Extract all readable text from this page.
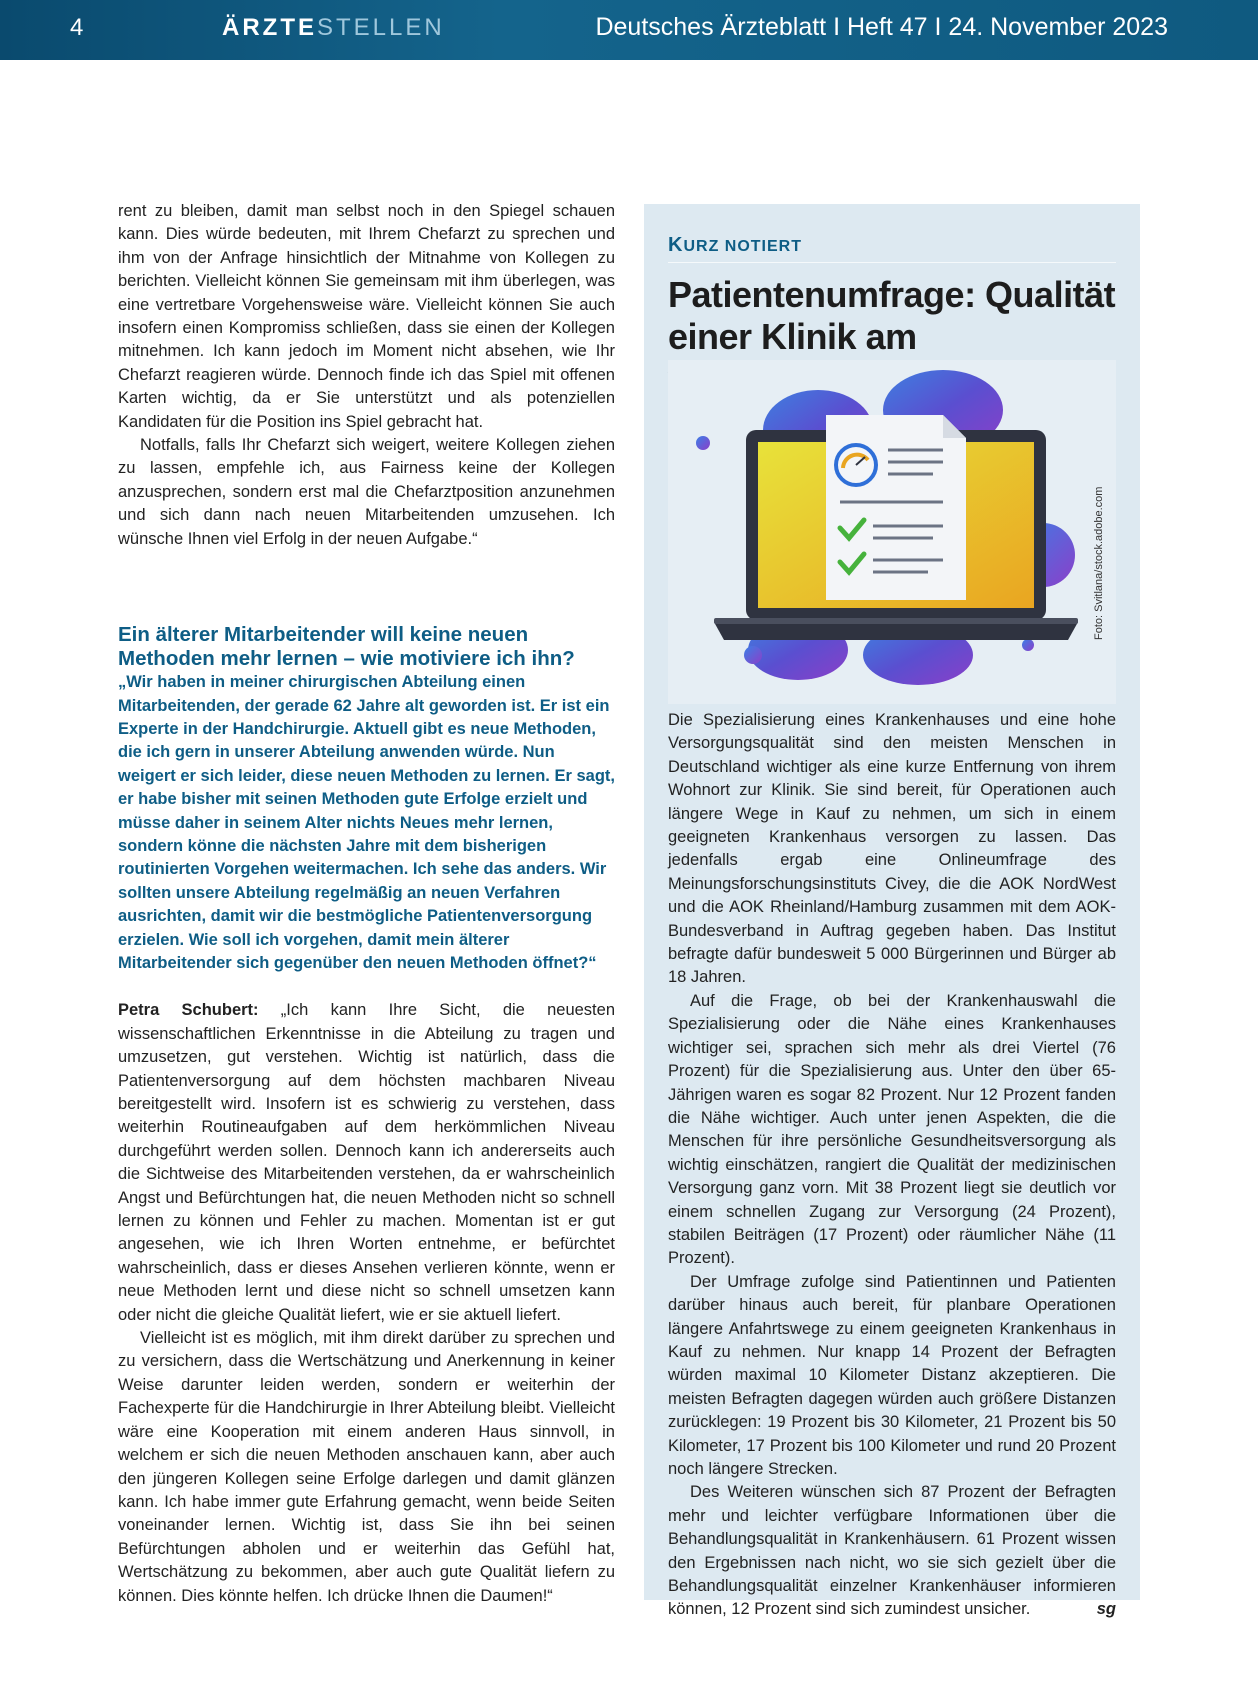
4	ÄRZTESTELLEN	Deutsches Ärzteblatt I Heft 47 I 24. November 2023

rent zu bleiben, damit man selbst noch in den Spiegel schauen kann. Dies würde bedeuten, mit Ihrem Chefarzt zu sprechen und ihm von der Anfrage hinsichtlich der Mitnahme von Kollegen zu berichten. Vielleicht können Sie gemeinsam mit ihm überlegen, was eine vertretbare Vorgehensweise wäre. Vielleicht können Sie auch insofern einen Kompromiss schließen, dass sie einen der Kollegen mitnehmen. Ich kann jedoch im Moment nicht absehen, wie Ihr Chefarzt reagieren würde. Dennoch finde ich das Spiel mit offenen Karten wichtig, da er Sie unterstützt und als potenziellen Kandidaten für die Position ins Spiel gebracht hat.

Notfalls, falls Ihr Chefarzt sich weigert, weitere Kollegen ziehen zu lassen, empfehle ich, aus Fairness keine der Kollegen anzusprechen, sondern erst mal die Chefarztposition anzunehmen und sich dann nach neuen Mitarbeitenden umzusehen. Ich wünsche Ihnen viel Erfolg in der neuen Aufgabe.“

Ein älterer Mitarbeitender will keine neuen Methoden mehr lernen – wie motiviere ich ihn?

„Wir haben in meiner chirurgischen Abteilung einen Mitarbeitenden, der gerade 62 Jahre alt geworden ist. Er ist ein Experte in der Handchirurgie. Aktuell gibt es neue Methoden, die ich gern in unserer Abteilung anwenden würde. Nun weigert er sich leider, diese neuen Methoden zu lernen. Er sagt, er habe bisher mit seinen Methoden gute Erfolge erzielt und müsse daher in seinem Alter nichts Neues mehr lernen, sondern könne die nächsten Jahre mit dem bisherigen routinierten Vorgehen weitermachen. Ich sehe das anders. Wir sollten unsere Abteilung regelmäßig an neuen Verfahren ausrichten, damit wir die bestmögliche Patientenversorgung erzielen. Wie soll ich vorgehen, damit mein älterer Mitarbeitender sich gegenüber den neuen Methoden öffnet?“

Petra Schubert: „Ich kann Ihre Sicht, die neuesten wissenschaftlichen Erkenntnisse in die Abteilung zu tragen und umzusetzen, gut verstehen. Wichtig ist natürlich, dass die Patientenversorgung auf dem höchsten machbaren Niveau bereitgestellt wird. Insofern ist es schwierig zu verstehen, dass weiterhin Routineaufgaben auf dem herkömmlichen Niveau durchgeführt werden sollen. Dennoch kann ich andererseits auch die Sichtweise des Mitarbeitenden verstehen, da er wahrscheinlich Angst und Befürchtungen hat, die neuen Methoden nicht so schnell lernen zu können und Fehler zu machen. Momentan ist er gut angesehen, wie ich Ihren Worten entnehme, er befürchtet wahrscheinlich, dass er dieses Ansehen verlieren könnte, wenn er neue Methoden lernt und diese nicht so schnell umsetzen kann oder nicht die gleiche Qualität liefert, wie er sie aktuell liefert.

Vielleicht ist es möglich, mit ihm direkt darüber zu sprechen und zu versichern, dass die Wertschätzung und Anerkennung in keiner Weise darunter leiden werden, sondern er weiterhin der Fachexperte für die Handchirurgie in Ihrer Abteilung bleibt. Vielleicht wäre eine Kooperation mit einem anderen Haus sinnvoll, in welchem er sich die neuen Methoden anschauen kann, aber auch den jüngeren Kollegen seine Erfolge darlegen und damit glänzen kann. Ich habe immer gute Erfahrung gemacht, wenn beide Seiten voneinander lernen. Wichtig ist, dass Sie ihn bei seinen Befürchtungen abholen und er weiterhin das Gefühl hat, Wertschätzung zu bekommen, aber auch gute Qualität liefern zu können. Dies könnte helfen. Ich drücke Ihnen die Daumen!“

KURZ NOTIERT
Patientenumfrage: Qualität einer Klinik am

Die Spezialisierung eines Krankenhauses und eine hohe Versorgungsqualität sind den meisten Menschen in Deutschland wichtiger als eine kurze Entfernung von ihrem Wohnort zur Klinik. Sie sind bereit, für Operationen auch längere Wege in Kauf zu nehmen, um sich in einem geeigneten Krankenhaus versorgen zu lassen. Das jedenfalls ergab eine Onlineumfrage des Meinungsforschungsinstituts Civey, die die AOK NordWest und die AOK Rheinland/Hamburg zusammen mit dem AOK-Bundesverband in Auftrag gegeben haben. Das Institut befragte dafür bundesweit 5 000 Bürgerinnen und Bürger ab 18 Jahren.

Auf die Frage, ob bei der Krankenhauswahl die Spezialisierung oder die Nähe eines Krankenhauses wichtiger sei, sprachen sich mehr als drei Viertel (76 Prozent) für die Spezialisierung aus. Unter den über 65-Jährigen waren es sogar 82 Prozent. Nur 12 Prozent fanden die Nähe wichtiger. Auch unter jenen Aspekten, die die Menschen für ihre persönliche Gesundheitsversorgung als wichtig einschätzen, rangiert die Qualität der medizinischen Versorgung ganz vorn. Mit 38 Prozent liegt sie deutlich vor einem schnellen Zugang zur Versorgung (24 Prozent), stabilen Beiträgen (17 Prozent) oder räumlicher Nähe (11 Prozent).

Der Umfrage zufolge sind Patientinnen und Patienten darüber hinaus auch bereit, für planbare Operationen längere Anfahrtswege zu einem geeigneten Krankenhaus in Kauf zu nehmen. Nur knapp 14 Prozent der Befragten würden maximal 10 Kilometer Distanz akzeptieren. Die meisten Befragten dagegen würden auch größere Distanzen zurücklegen: 19 Prozent bis 30 Kilometer, 21 Prozent bis 50 Kilometer, 17 Prozent bis 100 Kilometer und rund 20 Prozent noch längere Strecken.

Des Weiteren wünschen sich 87 Prozent der Befragten mehr und leichter verfügbare Informationen über die Behandlungsqualität in Krankenhäusern. 61 Prozent wissen den Ergebnissen nach nicht, wo sie sich gezielt über die Behandlungsqualität einzelner Krankenhäuser informieren können, 12 Prozent sind sich zumindest unsicher.	sg

Foto: Svitlana/stock.adobe.com
